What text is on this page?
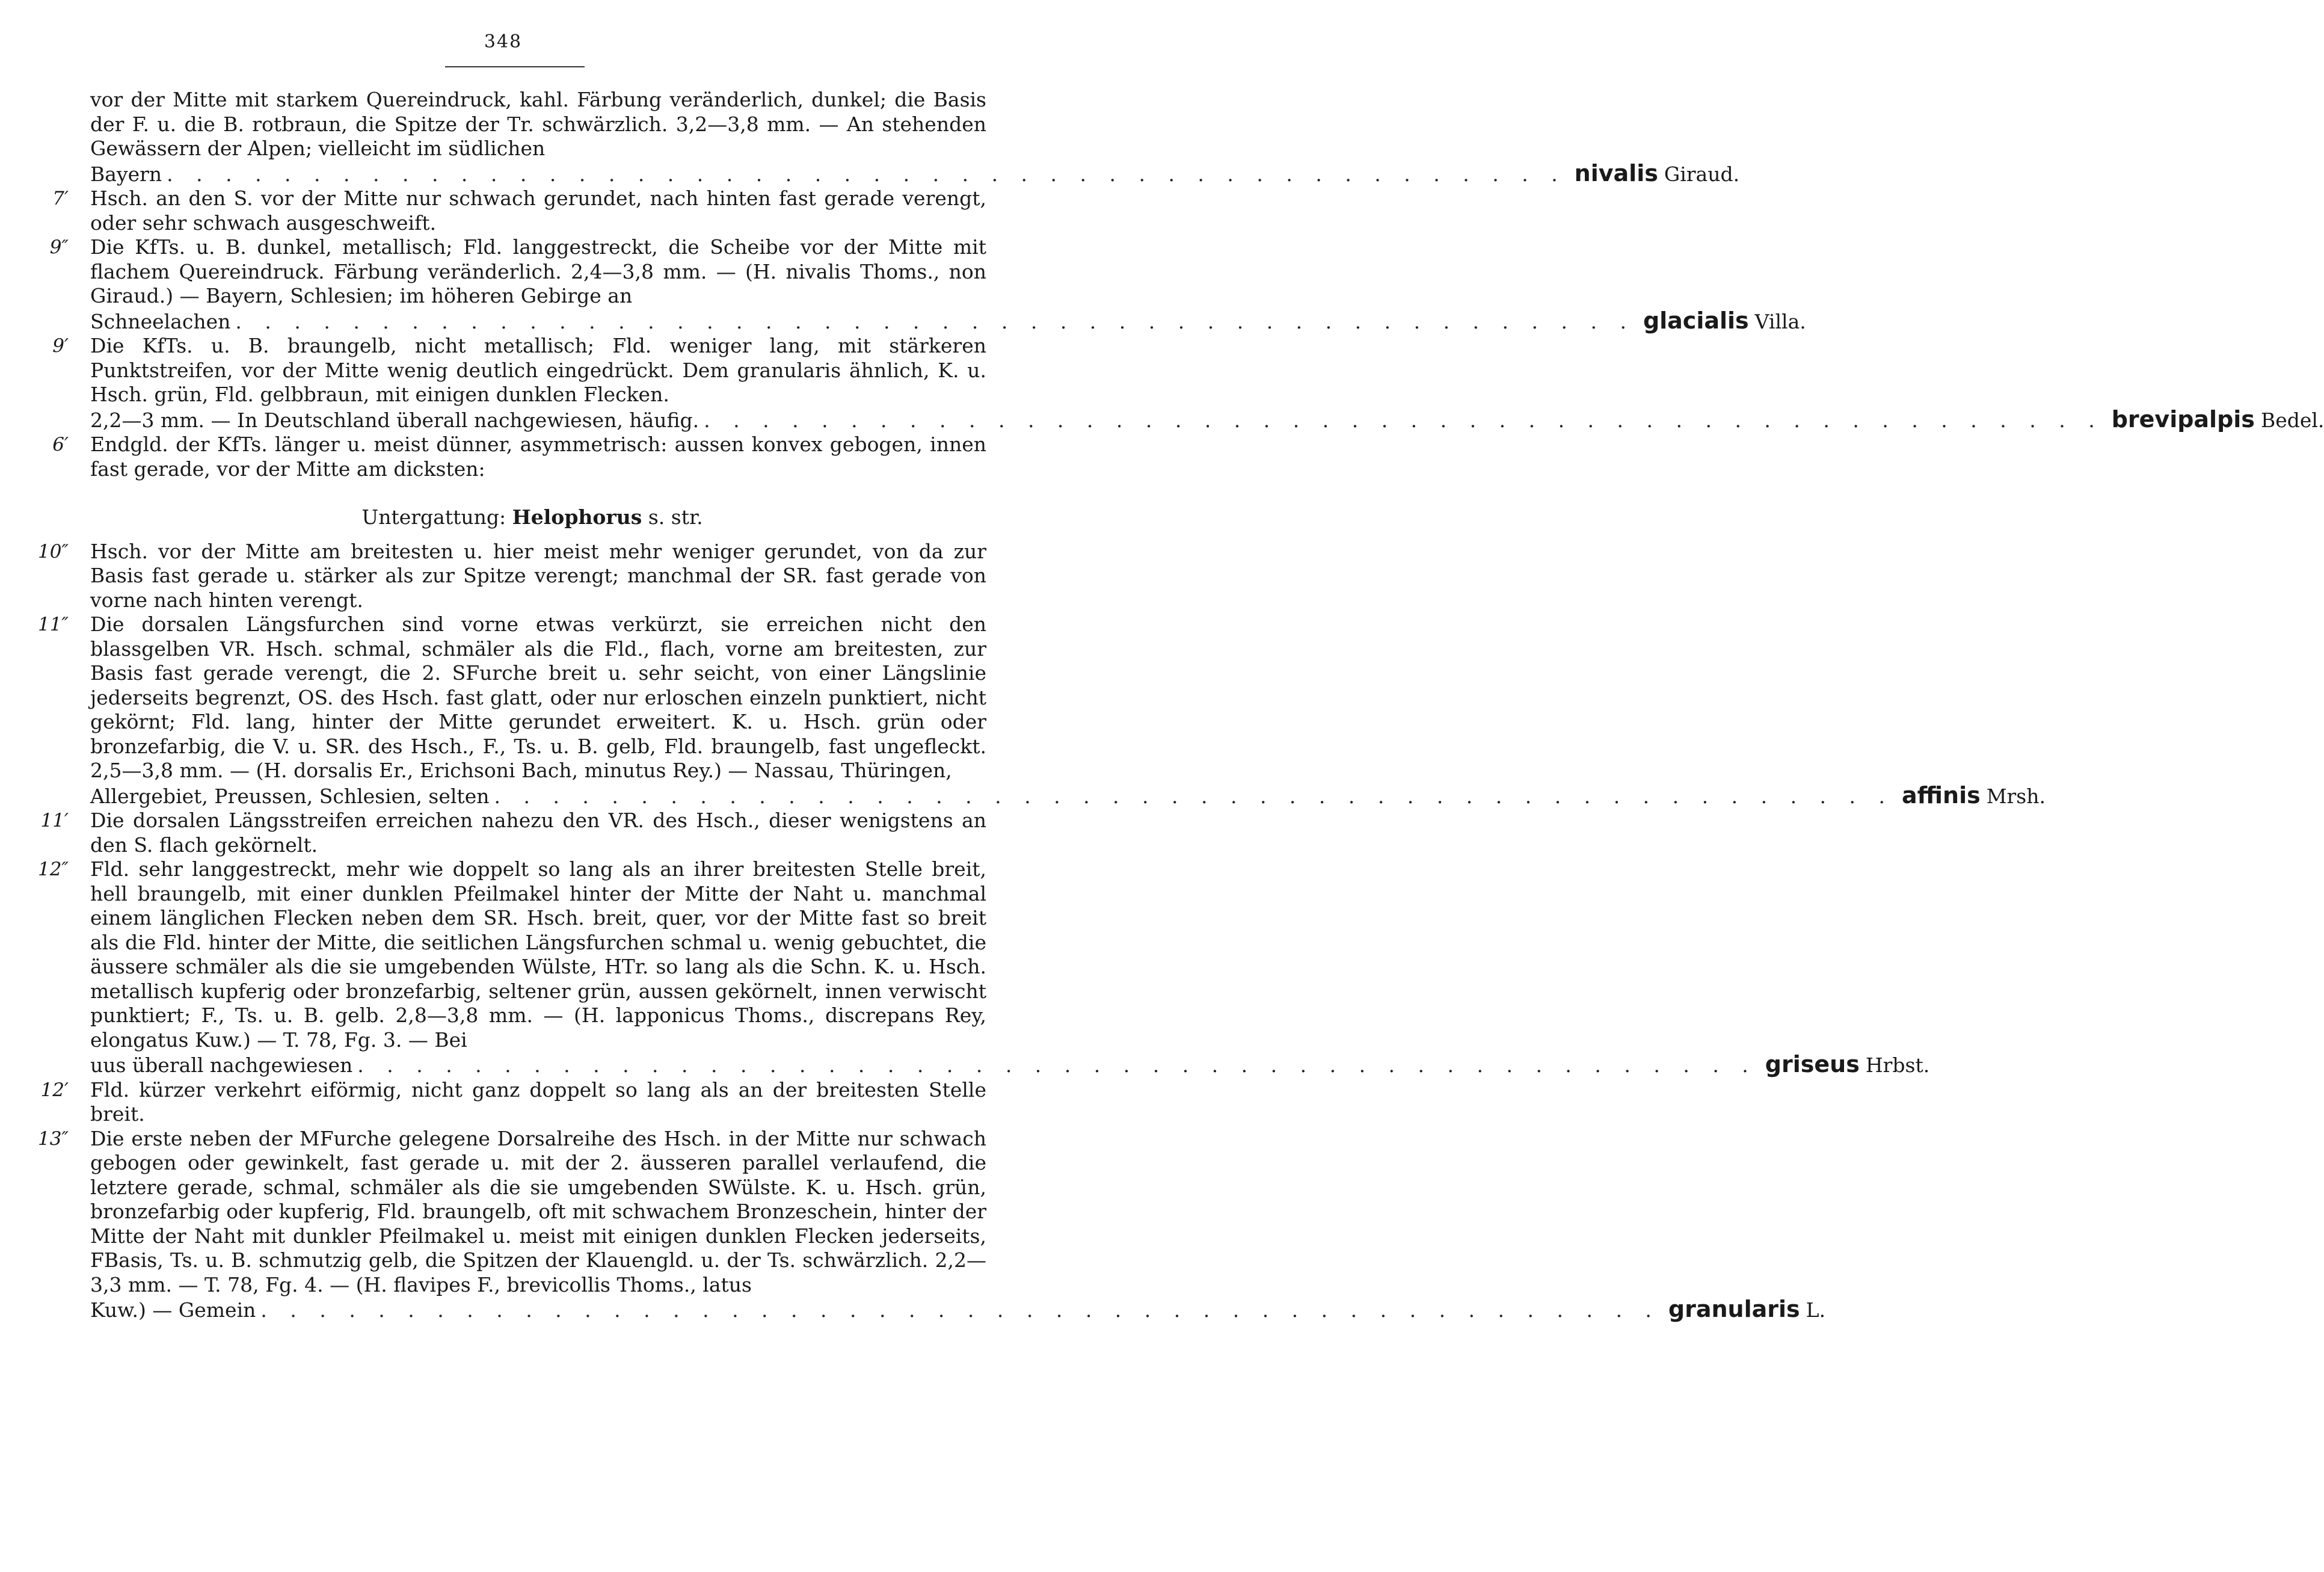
348
vor der Mitte mit starkem Quereindruck, kahl. Färbung veränderlich, dunkel; die Basis der F. u. die B. rotbraun, die Spitze der Tr. schwärzlich. 3,2—3,8 mm. — An stehenden Gewässern der Alpen; vielleicht im südlichen
Bayern . . .	nivalis Giraud.
7′ Hsch. an den S. vor der Mitte nur schwach gerundet, nach hinten fast gerade verengt, oder sehr schwach ausgeschweift.
9″ Die KfTs. u. B. dunkel, metallisch; Fld. langgestreckt, die Scheibe vor der Mitte mit flachem Quereindruck. Färbung veränderlich. 2,4—3,8 mm. — (H. nivalis Thoms., non Giraud.) — Bayern, Schlesien; im höheren Gebirge an
Schneelachen . . .	glacialis Villa.
9′ Die KfTs. u. B. braungelb, nicht metallisch; Fld. weniger lang, mit stärkeren Punktstreifen, vor der Mitte wenig deutlich eingedrückt. Dem granularis ähnlich, K. u. Hsch. grün, Fld. gelbbraun, mit einigen dunklen Flecken.
2,2—3 mm. — In Deutschland überall nachgewiesen, häufig. . . .	brevipalpis Bedel.
6′ Endgld. der KfTs. länger u. meist dünner, asymmetrisch: aussen konvex gebogen, innen fast gerade, vor der Mitte am dicksten:
Untergattung: Helophorus s. str.
10″ Hsch. vor der Mitte am breitesten u. hier meist mehr weniger gerundet, von da zur Basis fast gerade u. stärker als zur Spitze verengt; manchmal der SR. fast gerade von vorne nach hinten verengt.
11″ Die dorsalen Längsfurchen sind vorne etwas verkürzt, sie erreichen nicht den blassgelben VR. Hsch. schmal, schmäler als die Fld., flach, vorne am breitesten, zur Basis fast gerade verengt, die 2. SFurche breit u. sehr seicht, von einer Längslinie jederseits begrenzt, OS. des Hsch. fast glatt, oder nur erloschen einzeln punktiert, nicht gekörnt; Fld. lang, hinter der Mitte gerundet erweitert. K. u. Hsch. grün oder bronzefarbig, die V. u. SR. des Hsch., F., Ts. u. B. gelb, Fld. braungelb, fast ungefleckt. 2,5—3,8 mm. — (H. dorsalis Er., Erichsoni Bach, minutus Rey.) — Nassau, Thüringen,
Allergebiet, Preussen, Schlesien, selten . . .	affinis Mrsh.
11′ Die dorsalen Längsstreifen erreichen nahezu den VR. des Hsch., dieser wenigstens an den S. flach gekörnelt.
12″ Fld. sehr langgestreckt, mehr wie doppelt so lang als an ihrer breitesten Stelle breit, hell braungelb, mit einer dunklen Pfeilmakel hinter der Mitte der Naht u. manchmal einem länglichen Flecken neben dem SR. Hsch. breit, quer, vor der Mitte fast so breit als die Fld. hinter der Mitte, die seitlichen Längsfurchen schmal u. wenig gebuchtet, die äussere schmäler als die sie umgebenden Wülste, HTr. so lang als die Schn. K. u. Hsch. metallisch kupferig oder bronzefarbig, seltener grün, aussen gekörnelt, innen verwischt punktiert; F., Ts. u. B. gelb. 2,8—3,8 mm. — (H. lapponicus Thoms., discrepans Rey, elongatus Kuw.) — T. 78, Fg. 3. — Bei
uus überall nachgewiesen . . .	griseus Hrbst.
12′ Fld. kürzer verkehrt eiförmig, nicht ganz doppelt so lang als an der breitesten Stelle breit.
13″ Die erste neben der MFurche gelegene Dorsalreihe des Hsch. in der Mitte nur schwach gebogen oder gewinkelt, fast gerade u. mit der 2. äusseren parallel verlaufend, die letztere gerade, schmal, schmäler als die sie umgebenden SWülste. K. u. Hsch. grün, bronzefarbig oder kupferig, Fld. braungelb, oft mit schwachem Bronzeschein, hinter der Mitte der Naht mit dunkler Pfeilmakel u. meist mit einigen dunklen Flecken jederseits, FBasis, Ts. u. B. schmutzig gelb, die Spitzen der Klauengld. u. der Ts. schwärzlich. 2,2—3,3 mm. — T. 78, Fg. 4. — (H. flavipes F., brevicollis Thoms., latus
Kuw.) — Gemein . . .	granularis L.
